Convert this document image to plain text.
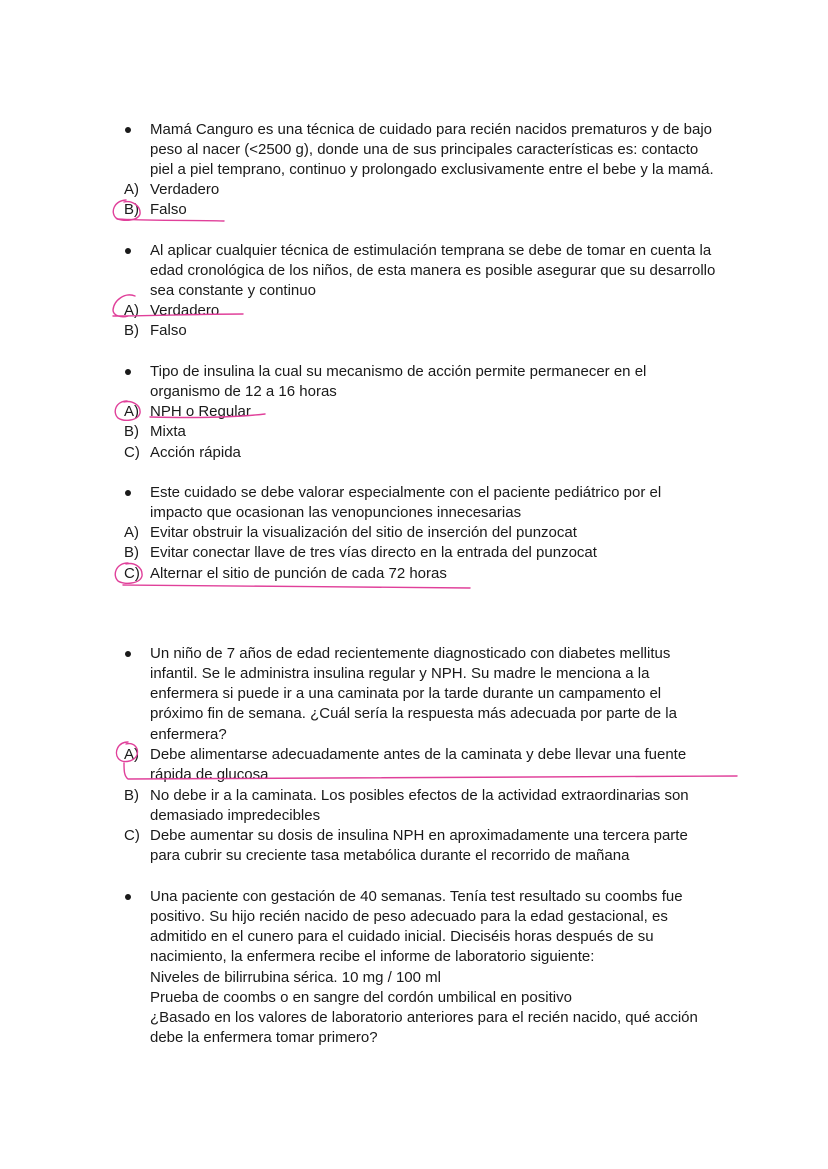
Mamá Canguro es una técnica de cuidado para recién nacidos prematuros y de bajo
peso al nacer (<2500 g), donde una de sus principales características es: contacto
piel a piel temprano, continuo y prolongado exclusivamente entre el bebe y la mamá.
A) Verdadero
B) Falso
Al aplicar cualquier técnica de estimulación temprana se debe de tomar en cuenta la
edad cronológica de los niños, de esta manera es posible asegurar que su desarrollo
sea constante y continuo
A) Verdadero
B) Falso
Tipo de insulina la cual su mecanismo de acción permite permanecer en el
organismo de 12 a 16 horas
A) NPH o Regular
B) Mixta
C) Acción rápida
Este cuidado se debe valorar especialmente con el paciente pediátrico por el
impacto que ocasionan las venopunciones innecesarias
A) Evitar obstruir la visualización del sitio de inserción del punzocat
B) Evitar conectar llave de tres vías directo en la entrada del punzocat
C) Alternar el sitio de punción de cada 72 horas
Un niño de 7 años de edad recientemente diagnosticado con diabetes mellitus
infantil. Se le administra insulina regular y NPH. Su madre le menciona a la
enfermera si puede ir a una caminata por la tarde durante un campamento el
próximo fin de semana. ¿Cuál sería la respuesta más adecuada por parte de la
enfermera?
A) Debe alimentarse adecuadamente antes de la caminata y debe llevar una fuente
rápida de glucosa
B) No debe ir a la caminata. Los posibles efectos de la actividad extraordinarias son
demasiado impredecibles
C) Debe aumentar su dosis de insulina NPH en aproximadamente una tercera parte
para cubrir su creciente tasa metabólica durante el recorrido de mañana
Una paciente con gestación de 40 semanas. Tenía test resultado su coombs fue
positivo. Su hijo recién nacido de peso adecuado para la edad gestacional, es
admitido en el cunero para el cuidado inicial. Dieciséis horas después de su
nacimiento, la enfermera recibe el informe de laboratorio siguiente:
Niveles de bilirrubina sérica. 10 mg / 100 ml
Prueba de coombs o en sangre del cordón umbilical en positivo
¿Basado en los valores de laboratorio anteriores para el recién nacido, qué acción
debe la enfermera tomar primero?
